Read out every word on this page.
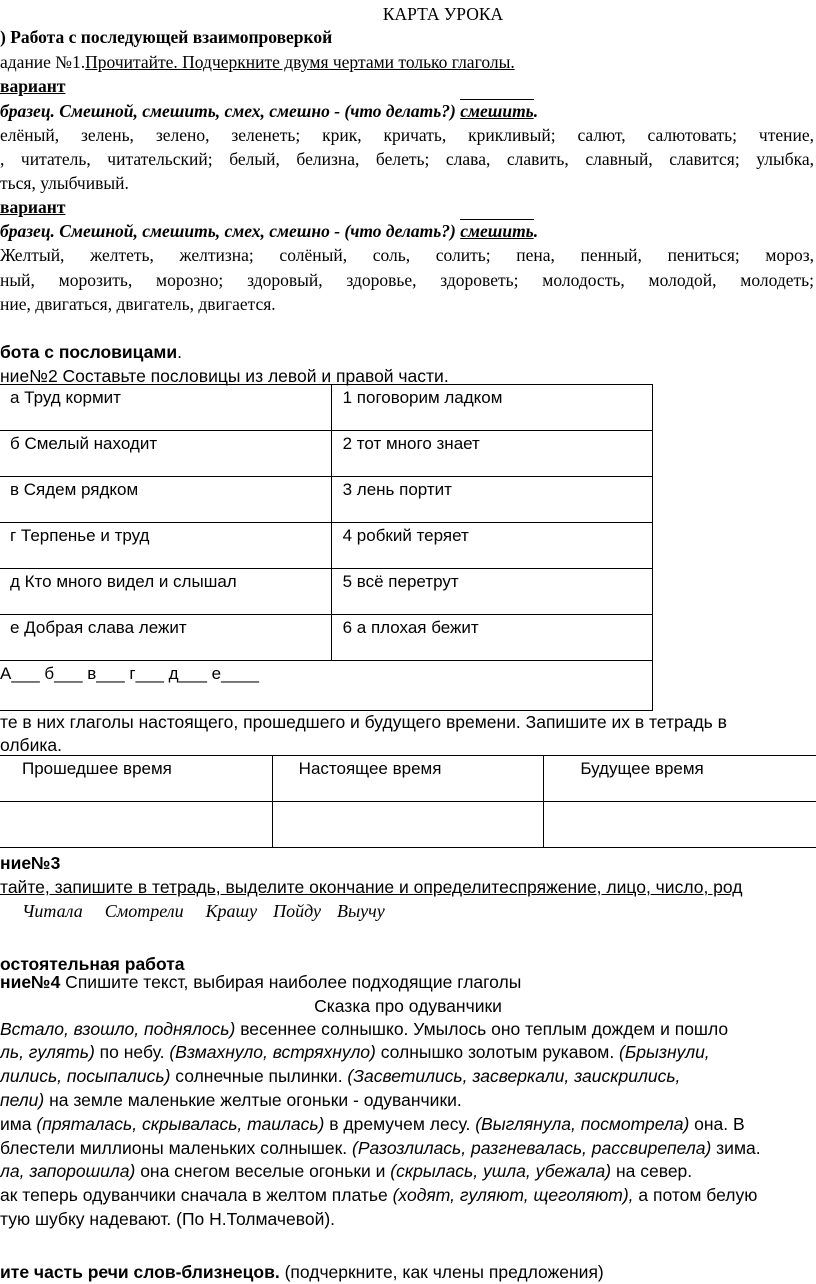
КАРТА УРОКА
) Работа с последующей взаимопроверкой
адание №1.Прочитайте. Подчеркните двумя чертами только глаголы.
вариант
бразец. Смешной, смешить, смех, смешно - (что делать?) смешить.
елёный, зелень, зелено, зеленеть; крик, кричать, крикливый; салют, салютовать; чтение,
, читатель, читательский; белый, белизна, белеть; слава, славить, славный, славится; улыбка,
ться, улыбчивый.
вариант
бразец. Смешной, смешить, смех, смешно - (что делать?) смешить.
Желтый, желтеть, желтизна; солёный, соль, солить; пена, пенный, пениться; мороз,
ный, морозить, морозно; здоровый, здоровье, здороветь; молодость, молодой, молодеть;
ние, двигаться, двигатель, двигается.
бота с пословицами.
ние№2 Составьте пословицы из левой и правой части.
а Труд кормит	1 поговорим ладком

б Смелый находит	2 тот много знает

в Сядем рядком	3 лень портит

г Терпенье и труд	4 робкий теряет

д Кто много видел и слышал	5 всё перетрут

е Добрая слава лежит	6 а плохая бежит

А___ б___ в___ г___ д___ е____	
те в них глаголы настоящего, прошедшего и будущего времени. Запишите их в тетрадь в
олбика.
Прошедшее время	Настоящее время	Будущее время

ние№3
тайте, запишите в тетрадь, выделите окончание и определитеспряжение, лицо, число, род
Читала Смотрели Крашу Пойду Выучу
остоятельная работа
ние№4 Спишите текст, выбирая наиболее подходящие глаголы
Сказка про одуванчики
Встало, взошло, поднялось) весеннее солнышко. Умылось оно теплым дождем и пошло
ль, гулять) по небу. (Взмахнуло, встряхнуло) солнышко золотым рукавом. (Брызнули,
лились, посыпались) солнечные пылинки. (Засветились, засверкали, заискрились,
пели) на земле маленькие желтые огоньки - одуванчики.
има (пряталась, скрывалась, таилась) в дремучем лесу. (Выглянула, посмотрела) она. В
блестели миллионы маленьких солнышек. (Разозлилась, разгневалась, рассвирепела) зима.
ла, запорошила) она снегом веселые огоньки и (скрылась, ушла, убежала) на север.
ак теперь одуванчики сначала в желтом платье (ходят, гуляют, щеголяют), а потом белую
тую шубку надевают. (По Н.Толмачевой).
ите часть речи слов-близнецов. (подчеркните, как члены предложения)
